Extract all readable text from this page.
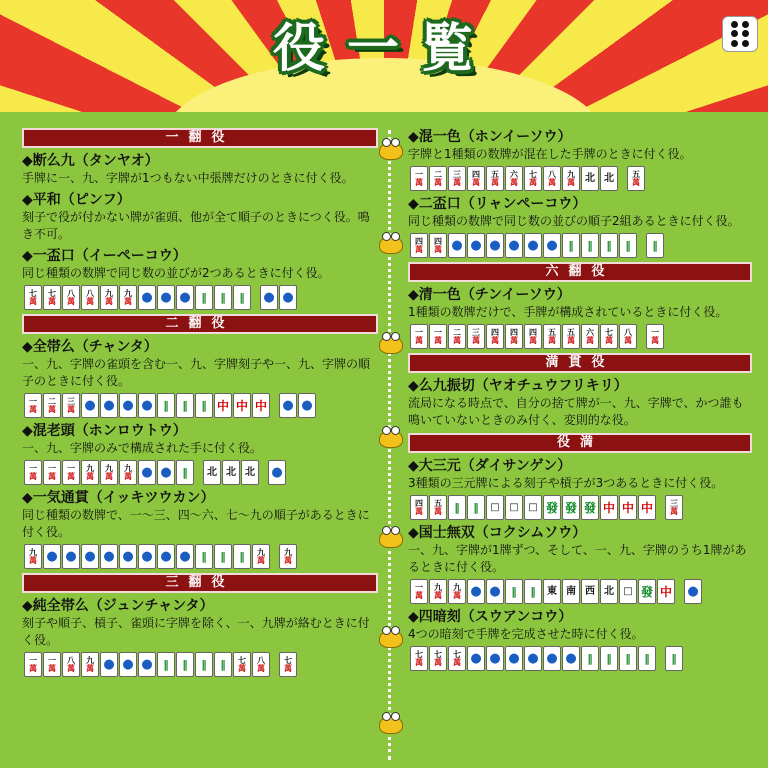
役一覧
一翻役
◆断么九（タンヤオ）

手牌に一、九、字牌が1つもない中張牌だけのときに付く役。

◆平和（ピンフ）

刻子で役が付かない牌が雀頭、他が全て順子のときにつく役。鳴き不可。

◆一盃口（イーペーコウ）

同じ種類の数牌で同じ数の並びが2つあるときに付く役。

七
萬
七
萬
八
萬
八
萬
九
萬
九
萬 ● ● ● ‖	‖	‖	● ●
二翻役
◆全帯么（チャンタ）

一、九、字牌の雀頭を含む一、九、字牌刻子や一、九、字牌の順子のときに付く役。

一
萬
二
萬
三
萬 ● ● ● ● ‖	‖	‖ 中 中 中 ● ●
◆混老頭（ホンロウトウ）

一、九、字牌のみで構成された手に付く役。

一
萬
一
萬
一
萬
九
萬
九
萬
九
萬 ● ● ‖	北 北 北	●
◆一気通貫（イッキツウカン）

同じ種類の数牌で、一〜三、四〜六、七〜九の順子があるときに付く役。

九
萬 ● ● ● ● ● ● ● ● ‖	‖	‖	九
萬
九
萬
三翻役
◆純全帯么（ジュンチャンタ）

刻子や順子、槓子、雀頭に字牌を除く、一、九牌が絡むときに付く役。

一
萬
一
萬
八
萬
九
萬 ● ● ● ‖	‖	‖	‖	七
萬
八
萬
七
萬
◆混一色（ホンイーソウ）

字牌と1種類の数牌が混在した手牌のときに付く役。

一
萬
二
萬
三
萬
四
萬
五
萬
六
萬
七
萬
八
萬
九
萬	北 北	五
萬
◆二盃口（リャンペーコウ）

同じ種類の数牌で同じ数の並びの順子2組あるときに付く役。

四
萬
四
萬 ● ● ● ● ● ● ‖	‖	‖	‖	‖
六翻役
◆清一色（チンイーソウ）

1種類の数牌だけで、手牌が構成されているときに付く役。

一
萬
一
萬
二
萬
三
萬
四
萬
四
萬
四
萬
五
萬
五
萬
六
萬
七
萬
八
萬
一
萬
満貫役
◆么九振切（ヤオチュウフリキリ）

流局になる時点で、自分の捨て牌が一、九、字牌で、かつ誰も鳴いていないときのみ付く、変則的な役。

役満
◆大三元（ダイサンゲン）

3種類の三元牌による刻子や槓子が3つあるときに付く役。

四
萬
五
萬	‖	‖	□ □ □ 發 發 發 中 中 中	三
萬
◆国士無双（コクシムソウ）

一、九、字牌が1牌ずつ、そして、一、九、字牌のうち1牌があるときに付く役。

一
萬
九
萬
九
萬 ● ● ‖	‖	東 南 西 北 □ 發 中 ●
◆四暗刻（スウアンコウ）

4つの暗刻で手牌を完成させた時に付く役。

七
萬
七
萬
七
萬 ● ● ● ● ● ● ‖	‖	‖	‖	‖
